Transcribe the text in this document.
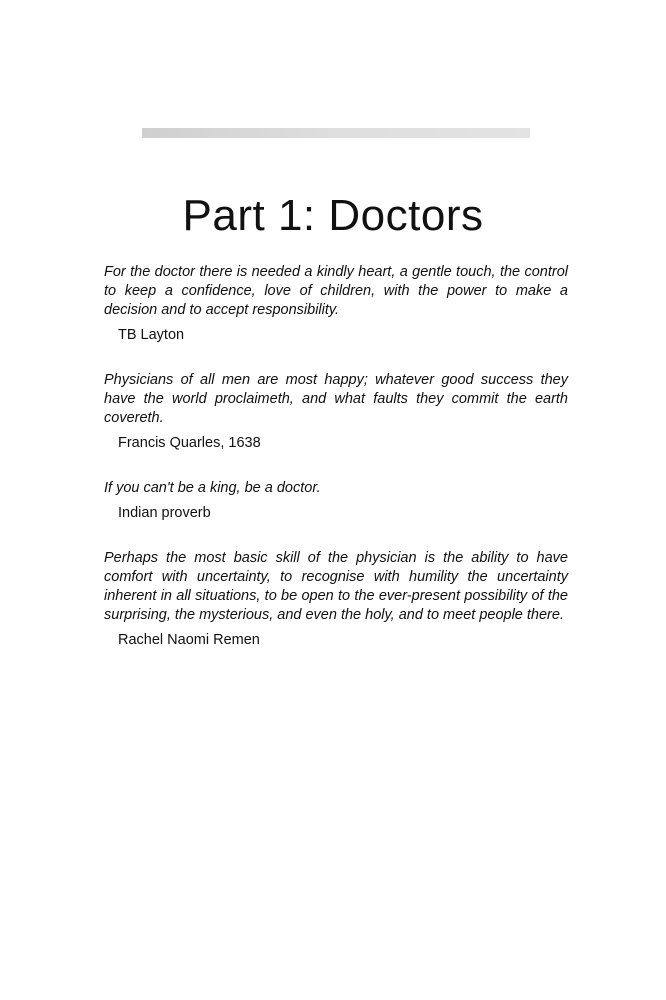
Part 1: Doctors

For the doctor there is needed a kindly heart, a gentle touch, the control to keep a confidence, love of children, with the power to make a decision and to accept responsibility.

TB Layton

Physicians of all men are most happy; whatever good success they have the world proclaimeth, and what faults they commit the earth covereth.

Francis Quarles, 1638

If you can't be a king, be a doctor.

Indian proverb

Perhaps the most basic skill of the physician is the ability to have comfort with uncertainty, to recognise with humility the uncertainty inherent in all situations, to be open to the ever-present possibility of the surprising, the mysterious, and even the holy, and to meet people there.

Rachel Naomi Remen
